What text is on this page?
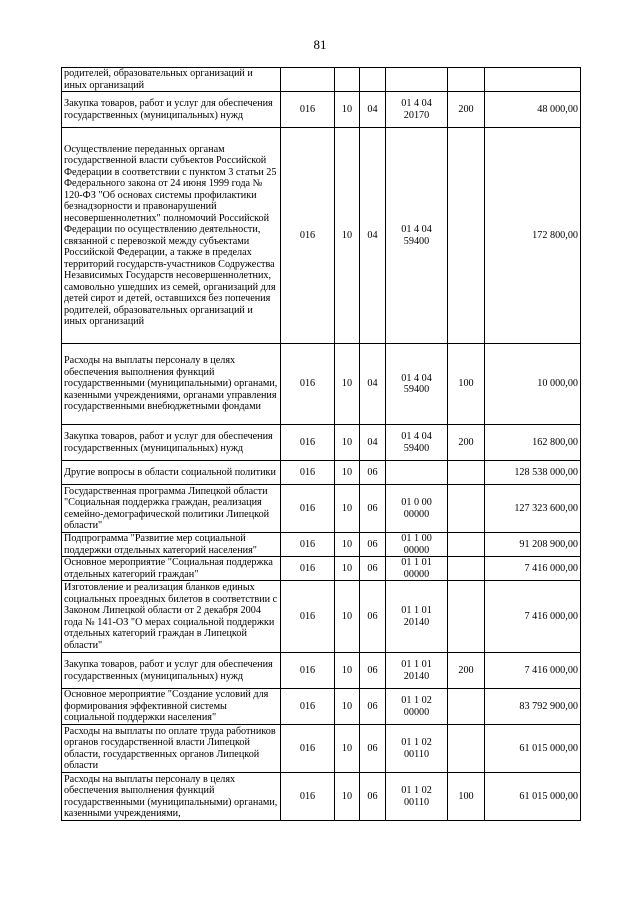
81
родителей, образовательных организаций и иных организаций						
Закупка товаров, работ и услуг для обеспечения государственных (муниципальных) нужд	016	10	04	01 4 04 20170	200	48 000,00
Осуществление переданных органам государственной власти субъектов Российской Федерации в соответствии с пунктом 3 статьи 25 Федерального закона от 24 июня 1999 года № 120-ФЗ "Об основах системы профилактики безнадзорности и правонарушений несовершеннолетних" полномочий Российской Федерации по осуществлению деятельности, связанной с перевозкой между субъектами Российской Федерации, а также в пределах территорий государств-участников Содружества Независимых Государств несовершеннолетних, самовольно ушедших из семей, организаций для детей сирот и детей, оставшихся без попечения родителей, образовательных организаций и иных организаций	016	10	04	01 4 04 59400		172 800,00
Расходы на выплаты персоналу в целях обеспечения выполнения функций государственными (муниципальными) органами, казенными учреждениями, органами управления государственными внебюджетными фондами	016	10	04	01 4 04 59400	100	10 000,00
Закупка товаров, работ и услуг для обеспечения государственных (муниципальных) нужд	016	10	04	01 4 04 59400	200	162 800,00
Другие вопросы в области социальной политики	016	10	06			128 538 000,00
Государственная программа Липецкой области "Социальная поддержка граждан, реализация семейно-демографической политики Липецкой области"	016	10	06	01 0 00 00000		127 323 600,00
Подпрограмма "Развитие мер социальной поддержки отдельных категорий населения"	016	10	06	01 1 00 00000		91 208 900,00
Основное мероприятие "Социальная поддержка отдельных категорий граждан"	016	10	06	01 1 01 00000		7 416 000,00
Изготовление и реализация бланков единых социальных проездных билетов в соответствии с Законом Липецкой области от 2 декабря 2004 года № 141-ОЗ "О мерах социальной поддержки отдельных категорий граждан в Липецкой области"	016	10	06	01 1 01 20140		7 416 000,00
Закупка товаров, работ и услуг для обеспечения государственных (муниципальных) нужд	016	10	06	01 1 01 20140	200	7 416 000,00
Основное мероприятие "Создание условий для формирования эффективной системы социальной поддержки населения"	016	10	06	01 1 02 00000		83 792 900,00
Расходы на выплаты по оплате труда работников органов государственной власти Липецкой области, государственных органов Липецкой области	016	10	06	01 1 02 00110		61 015 000,00
Расходы на выплаты персоналу в целях обеспечения выполнения функций государственными (муниципальными) органами, казенными учреждениями,	016	10	06	01 1 02 00110	100	61 015 000,00
